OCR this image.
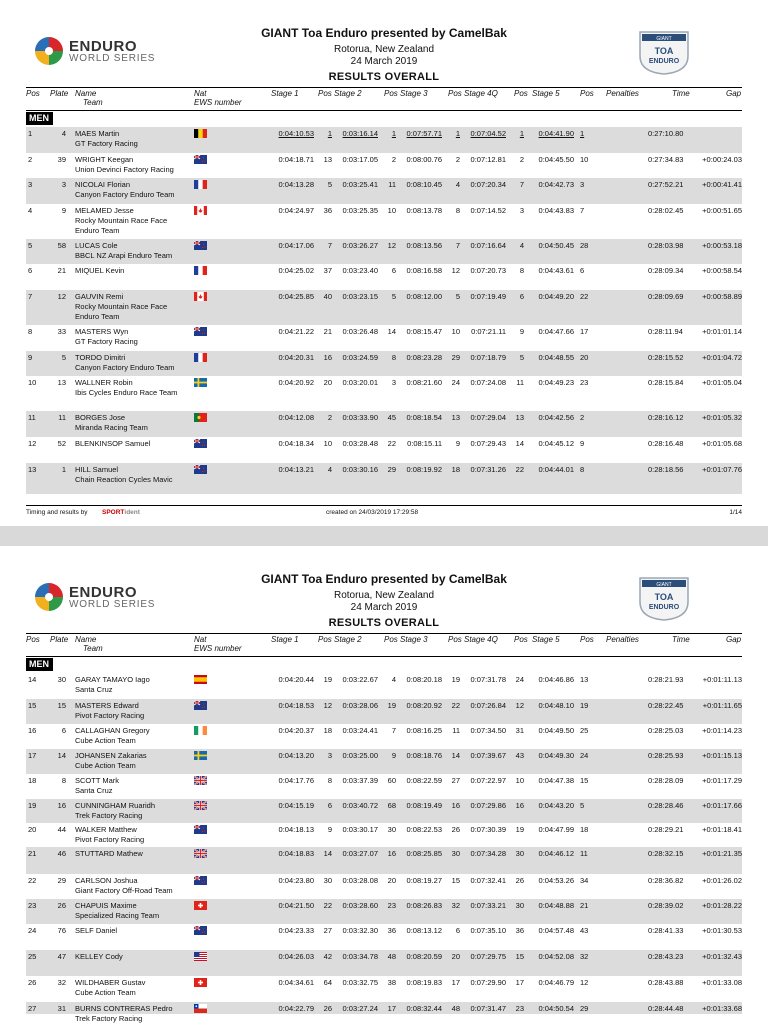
ENDURO
WORLD SERIES
GIANT
TOA
ENDURO
GIANT Toa Enduro presented by CamelBak
Rotorua, New Zealand
24 March 2019
RESULTS OVERALL
Pos Plate Name
Team
Nat
EWS number
Stage 1 Pos Stage 2	Pos Stage 3	Pos Stage 4Q Pos Stage 5	Pos Penalties	Time	Gap
MEN
1	4 MAES Martin
GT Factory Racing
0:04:10.53	1	0:03:16.14	1	0:07:57.71	1	0:07:04.52	1	0:04:41.90 1	0:27:10.80
2	39 WRIGHT Keegan
Union Devinci Factory Racing
0:04:18.71	13	0:03:17.05	2	0:08:00.76	2	0:07:12.81	2	0:04:45.50 10	0:27:34.83	+0:00:24.03
3	3 NICOLAI Florian
Canyon Factory Enduro Team
0:04:13.28	5	0:03:25.41	11	0:08:10.45	4	0:07:20.34	7	0:04:42.73 3	0:27:52.21	+0:00:41.41
4	9 MELAMED Jesse
Rocky Mountain Race Face Enduro Team
0:04:24.97	36	0:03:25.35	10	0:08:13.78	8	0:07:14.52	3	0:04:43.83 7	0:28:02.45	+0:00:51.65
5	58 LUCAS Cole
BBCL NZ Arapi Enduro Team
0:04:17.06	7	0:03:26.27	12	0:08:13.56	7	0:07:16.64	4	0:04:50.45 28	0:28:03.98	+0:00:53.18
6	21 MIQUEL Kevin	0:04:25.02	37	0:03:23.40	6	0:08:16.58	12	0:07:20.73	8	0:04:43.61 6	0:28:09.34	+0:00:58.54
7	12 GAUVIN Remi
Rocky Mountain Race Face Enduro Team
0:04:25.85	40	0:03:23.15	5	0:08:12.00	5	0:07:19.49	6	0:04:49.20 22	0:28:09.69	+0:00:58.89
8	33 MASTERS Wyn
GT Factory Racing
0:04:21.22	21	0:03:26.48	14	0:08:15.47	10	0:07:21.11	9	0:04:47.66 17	0:28:11.94	+0:01:01.14
9	5 TORDO Dimitri
Canyon Factory Enduro Team
0:04:20.31	16	0:03:24.59	8	0:08:23.28	29	0:07:18.79	5	0:04:48.55 20	0:28:15.52	+0:01:04.72
10	13 WALLNER Robin
Ibis Cycles Enduro Race Team
0:04:20.92	20	0:03:20.01	3	0:08:21.60	24	0:07:24.08	11	0:04:49.23 23	0:28:15.84	+0:01:05.04
11	11 BORGES Jose
Miranda Racing Team
0:04:12.08	2	0:03:33.90	45	0:08:18.54	13	0:07:29.04	13	0:04:42.56 2	0:28:16.12	+0:01:05.32
12	52 BLENKINSOP Samuel	0:04:18.34	10	0:03:28.48	22	0:08:15.11	9	0:07:29.43	14	0:04:45.12 9	0:28:16.48	+0:01:05.68
13	1 HILL Samuel
Chain Reaction Cycles Mavic
0:04:13.21	4	0:03:30.16	29	0:08:19.92	18	0:07:31.26	22	0:04:44.01 8	0:28:18.56	+0:01:07.76
Timing and results by SPORTident	created on 24/03/2019 17:29:58	1/14
ENDURO
WORLD SERIES
GIANT
TOA
ENDURO
GIANT Toa Enduro presented by CamelBak
Rotorua, New Zealand
24 March 2019
RESULTS OVERALL
Pos Plate Name
Team
Nat
EWS number
Stage 1 Pos Stage 2	Pos Stage 3	Pos Stage 4Q Pos Stage 5	Pos Penalties	Time	Gap
MEN
14	30 GARAY TAMAYO Iago
Santa Cruz
0:04:20.44	19	0:03:22.67	4	0:08:20.18	19	0:07:31.78	24	0:04:46.86 13	0:28:21.93	+0:01:11.13
15	15 MASTERS Edward
Pivot Factory Racing
0:04:18.53	12	0:03:28.06	19	0:08:20.92	22	0:07:26.84	12	0:04:48.10 19	0:28:22.45	+0:01:11.65
16	6 CALLAGHAN Gregory
Cube Action Team
0:04:20.37	18	0:03:24.41	7	0:08:16.25	11	0:07:34.50	31	0:04:49.50 25	0:28:25.03	+0:01:14.23
17	14 JOHANSEN Zakarias
Cube Action Team
0:04:13.20	3	0:03:25.00	9	0:08:18.76	14	0:07:39.67	43	0:04:49.30 24	0:28:25.93	+0:01:15.13
18	8 SCOTT Mark
Santa Cruz
0:04:17.76	8	0:03:37.39	60	0:08:22.59	27	0:07:22.97	10	0:04:47.38 15	0:28:28.09	+0:01:17.29
19	16 CUNNINGHAM Ruaridh
Trek Factory Racing
0:04:15.19	6	0:03:40.72	68	0:08:19.49	16	0:07:29.86	16	0:04:43.20 5	0:28:28.46	+0:01:17.66
20	44 WALKER Matthew
Pivot Factory Racing
0:04:18.13	9	0:03:30.17	30	0:08:22.53	26	0:07:30.39	19	0:04:47.99 18	0:28:29.21	+0:01:18.41
21	46 STUTTARD Mathew	0:04:18.83	14	0:03:27.07	16	0:08:25.85	30	0:07:34.28	30	0:04:46.12 11	0:28:32.15	+0:01:21.35
22	29 CARLSON Joshua
Giant Factory Off-Road Team
0:04:23.80	30	0:03:28.08	20	0:08:19.27	15	0:07:32.41	26	0:04:53.26 34	0:28:36.82	+0:01:26.02
23	26 CHAPUIS Maxime
Specialized Racing Team
0:04:21.50	22	0:03:28.60	23	0:08:26.83	32	0:07:33.21	30	0:04:48.88 21	0:28:39.02	+0:01:28.22
24	76 SELF Daniel	0:04:23.33	27	0:03:32.30	36	0:08:13.12	6	0:07:35.10	36	0:04:57.48 43	0:28:41.33	+0:01:30.53
25	47 KELLEY Cody	0:04:26.03	42	0:03:34.78	48	0:08:20.59	20	0:07:29.75	15	0:04:52.08 32	0:28:43.23	+0:01:32.43
26	32 WILDHABER Gustav
Cube Action Team
0:04:34.61	64	0:03:32.75	38	0:08:19.83	17	0:07:29.90	17	0:04:46.79 12	0:28:43.88	+0:01:33.08
27	31 BURNS CONTRERAS Pedro
Trek Factory Racing
0:04:22.79	26	0:03:27.24	17	0:08:32.44	48	0:07:31.47	23	0:04:50.54 29	0:28:44.48	+0:01:33.68
